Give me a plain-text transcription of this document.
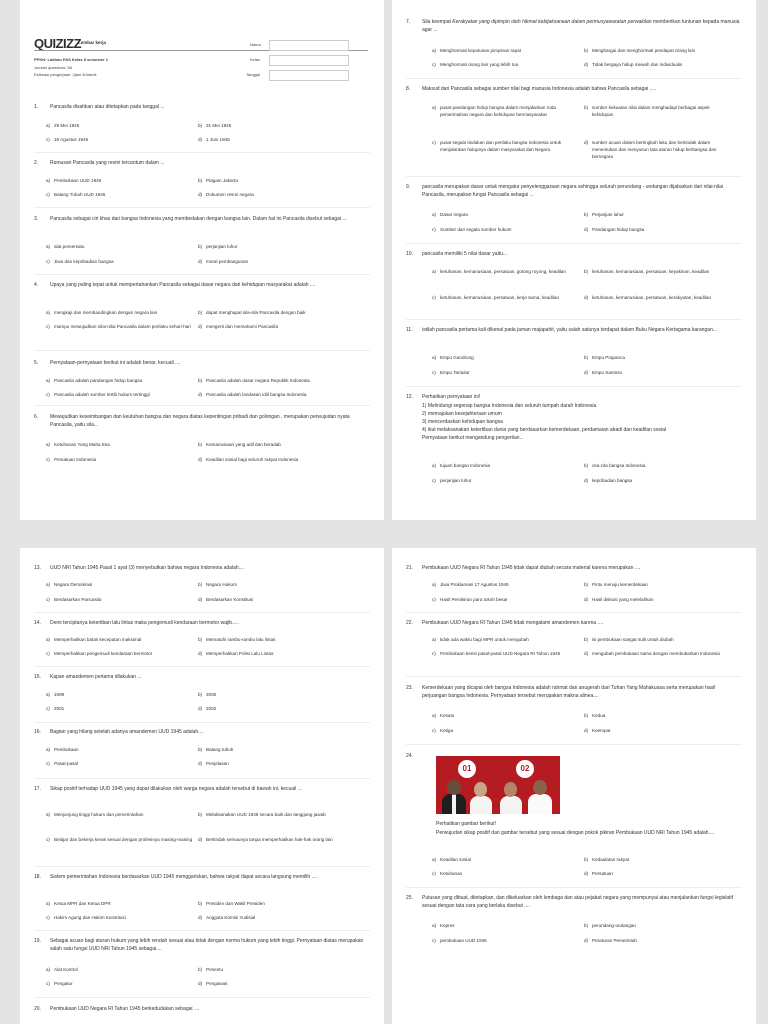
QUIZIZZ
Lembar kerja
PPKN: Latihan PAS Kelas 8 semester 1
Jumlah questions: 58
Estimasi pengerjaan: 2jam 40menit
Nama
Kelas
Tanggal
1. Pancasila disahkan atau ditetapkan pada tanggal ...
a) 29 Mei 1945	b) 31 Mei 1945
c) 18 Agustus 1945	d) 1 Juni 1945
2. Rumusan Pancasila yang resmi tercantum dalam ...
a) Pembukaan UUD 1945	b) Piagam Jakarta
c) Batang Tubuh UUD 1945	d) Dokumen resmi negara
3. Pancasila sebagai ciri khas dari bangsa Indonesia yang membedakan dengan bangsa lain. Dalam hal ini Pancasila disebut sebagai ...
a) alat pemersatu	b) perjanjian luhur
c) Jiwa dan kepribadian bangsa	d) moral pembangunan
4. Upaya yang paling tepat untuk mempertahankan Pancasila sebagai dasar negara dari kehidupan masyarakat adalah ....
a) mengkaji dan membandingkan dengan negara lain	b) dapat menghapal sila-sila Pancasila dengan baik
c) mampu mewujudkan nilai-nilai Pancasila dalam perilaku sehari-hari	d) mengerti dan memahami Pancasila
5. Pernyataan-pernyataan berikut ini adalah benar, kecuali ....
a) Pancasila adalah pandangan hidup bangsa	b) Pancasila adalah dasar negara Republik Indonesia
c) Pancasila adalah sumber tertib hukum tertinggi	d) Pancasila adalah landasan idiil bangsa Indonesia
6. Mewujudkan keseimbangan dan keutuhan bangsa dan negara diatas kepentingan pribadi dan golongan , merupakan perwujudan nyata Pancasila, yaitu sila...
a) Ketuhanan Yang Maha Esa	b) Kemanusiaan yang adil dan beradab
c) Persatuan Indonesia	d) Keadilan sosial bagi seluruh rakyat Indonesia
7. Sila keempat Kerakyatan yang dipimpin oleh hikmat kebijaksanaan dalam permusyawaratan perwakilan memberikan tuntunan kepada manusia agar ...
a) Menghormati keputusan pimpinan rapat	b) Menghargai dan menghormati pendapat orang lain
c) Menghormati orang lain yang lebih tua	d) Tidak bergaya hidup mewah dan individualis
8. Maksud dari Pancasila sebagai sumber nilai bagi manusia Indonesia adalah bahwa Pancasila sebagai .....
a) pusat pandangan hidup bangsa dalam menjalankan roda pemerintahan negara dan kehidupan bermasyarakat
b) sumber kekuatan nilai dalam menghadapi berbagai aspek kehidupan
c) pusat segala tindakan dan perilaku bangsa Indonesia untuk menjalankan hidupnya dalam masyarakat dan Negara
d) sumber acuan dalam bertingkah laku dan bertindak dalam menentukan dan menyusun tata aturan hidup berbangsa dan bernegara
9. pancasila merupakan dasar untuk mengatur penyelenggaraan negara sehingga seluruh perundang - undangan dijabarkan dari nilai-nilai Pancasila, merupakan fungsi Pancasila sebagai ...
a) Dasar negara	b) Perjanjian luhur
c) Sumber dari segala sumber hukum	d) Pandangan hidup bangsa
10. pancasila memiliki 5 nilai dasar yaitu...
a) ketuhanan, kemanusiaan, persatuan, gotong royong, keadilan	b) ketuhanan, kemanusiaan, persatuan, keyakinan, keadilan
c) ketuhanan, kemanusiaan, persatuan, kerja sama, keadilan	d) ketuhanan, kemanusiaan, persatuan, kerakyatan, keadilan
11. istilah pancasila pertama kali dikenal pada jaman majapahit, yaitu salah satunya terdapat dalam Buku Negara Kertagama karangan...
a) Empu Gandrung	b) Empu Prapanca
c) Empu Tantular	d) Empu Santoso
12. Perhatikan pernyataan ini!
1) Melindungi segenap bangsa Indonesia dan seluruh tumpah darah Indonesia
2) memajukan kesejahteraan umum
3) mencerdaskan kehidupan bangsa
4) ikut melaksanakan ketertiban dunia yang berdasarkan kemerdekaan, perdamaian abadi dan keadilan sosial
Pernyataan berikut mengandung pengertian...
a) tujuan bangsa Indonesia	b) cita-cita bangsa Indonesia
c) perjanjian luhur	d) kepribadian bangsa
13. UUD NRI Tahun 1945 Pasal 1 ayat (3) menyebutkan bahwa negara Indonesia adalah....
a) Negara Demokrasi	b) Negara Hukum
c) Berdasarkan Pancasila	d) Berdasarkan Konstitusi
14. Demi terciptanya ketertiban lalu lintas maka pengemudi kendaraan bermotor wajib.....
a) Memperhatikan batas kecepatan maksimal	b) Mematuhi rambu-rambu lalu lintas
c) Memperhatikan pengemudi kendaraan bermotor	d) Memperhatikan Polisi Lalu Lintas
15. Kapan amandemen pertama dilakukan ...
a) 1999	b) 2000
c) 2001	d) 2002
16. Bagian yang hilang setelah adanya amandemen UUD 1945 adalah....
a) Pembukaan	b) Batang tubuh
c) Pasal-pasal	d) Penjelasan
17. Sikap positif terhadap UUD 1945 yang dapat dilakukan oleh warga negara adalah tersebut di bawah ini, kecuali ...
a) Menjunjung tinggi hukum dan pemerintahan	b) Melaksanakan UUD 1945 secara baik dan tanggung jawab
c) Belajar dan bekerja keras sesuai dengan profesinya masing-masing	d) Bertindak semaunya tanpa memperhatikan hak-hak orang lain
18. Sistem pemerintahan Indonesia berdasarkan UUD 1945 menggariskan, bahwa rakyat dapat secara langsung memilih ....
a) Ketua MPR dan Ketua DPR	b) Presiden dan Wakil Presiden
c) Hakim Agung dan Hakim Konstitusi	d) Anggota Komisi Yudisial
19. Sebagai acuan bagi aturan hukum yang lebih rendah sesuai atau tidak dengan norma hukum yang lebih tinggi. Pernyataan diatas merupakan salah satu fungsi UUD NRI Tahun 1945 sebagai....
a) Alat Kontrol	b) Penentu
c) Pengatur	d) Pengawas
20. Pembukaan UUD Negara RI Tahun 1945 berkedudukan sebagai ....
21. Pembukaan UUD Negara RI Tahun 1945 tidak dapat diubah secara material karena merupakan ....
a) Jiwa Proklamasi 17 Agustus 1945	b) Pintu menuju kemerdekaan
c) Hasil Pemikiran para tokoh besar	d) Hasil diskusi yang melelahkan
22. Pembukaan UUD Negara RI Tahun 1945 tidak mengalami amandemen karena ....
a) tidak ada waktu bagi MPR untuk mengubah	b) isi pembukaan sangat sulit untuk diubah
c) Pembukaan berisi pasal-pasal UUD Negara RI Tahun 1945	d) mengubah pembukaan sama dengan membubarkan Indonesia
23. Kemerdekaan yang dicapai oleh bangsa Indonesia adalah rahmat dan anugerah dari Tuhan Yang Mahakuasa serta merupakan hasil perjuangan bangsa Indonesia. Pernyataan tersebut merupakan makna alinea....
a) Kesatu	b) Kedua
c) Ketiga	d) Keempat
24.
01	02
Perhatikan gambar berikut!
Perwujudan sikap positif dari gambar tersebut yang sesuai dengan pokok pikiran Pembukaan UUD NRI Tahun 1945 adalah....
a) Keadilan sosial	b) Kedaulatan rakyat
c) Ketuhanan	d) Persatuan
25. Putusan yang dibuat, ditetapkan, dan dikeluarkan oleh lembaga dan atau pejabat negara yang mempunyai atau menjalankan fungsi legislatif sesuai dengan tata cara yang berlaku disebut ....
a) Kepres	b) perundang-undangan
c) pembukaan UUD 1945	d) Peraturan Pemerintah
